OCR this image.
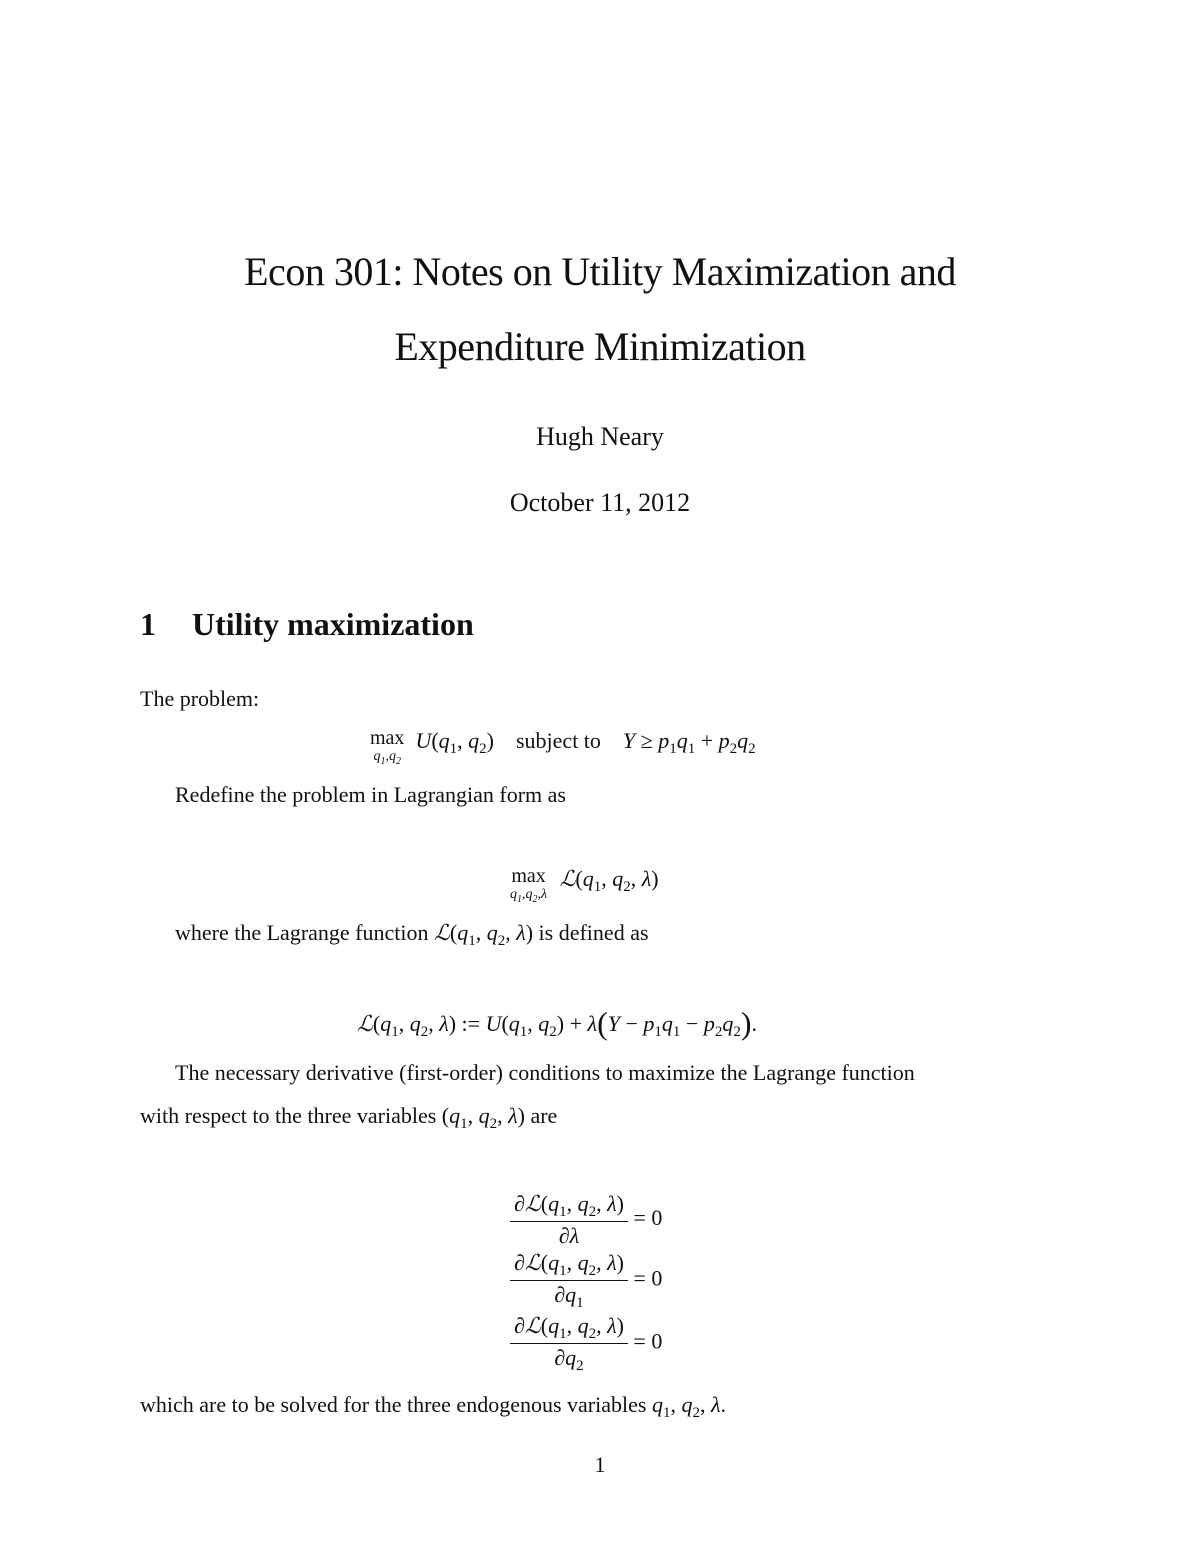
Econ 301: Notes on Utility Maximization and
Expenditure Minimization
Hugh Neary
October 11, 2012
1 Utility maximization
The problem:
max
$q_1,q_2$
$U(q_1$, $q_2$)    subject to $Y \ge p_1q_1 + p_2q_2$
Redefine the problem in Lagrangian form as
max
$q_1,q_2,\lambda$
$ℒ(q_1$, $q_2$, λ)
where the Lagrange function $ℒ(q_1$, $q_2$, λ) is defined as
$ℒ(q_1$, $q_2$, λ) := $U(q_1$, $q_2) + \lambda(Y - p_1q_1 - p_2q_2)$.
The necessary derivative (first-order) conditions to maximize the Lagrange function
with respect to the three variables ($q_1$, $q_2$, λ) are
$\frac{\partial ℒ(q_1, q_2, \lambda)}{\partial\lambda} = 0$
$\frac{\partial ℒ(q_1, q_2, \lambda)}{\partial q_1} = 0$
$\frac{\partial ℒ(q_1, q_2, \lambda)}{\partial q_2} = 0$
which are to be solved for the three endogenous variables $q_1$, $q_2$, λ.
1
